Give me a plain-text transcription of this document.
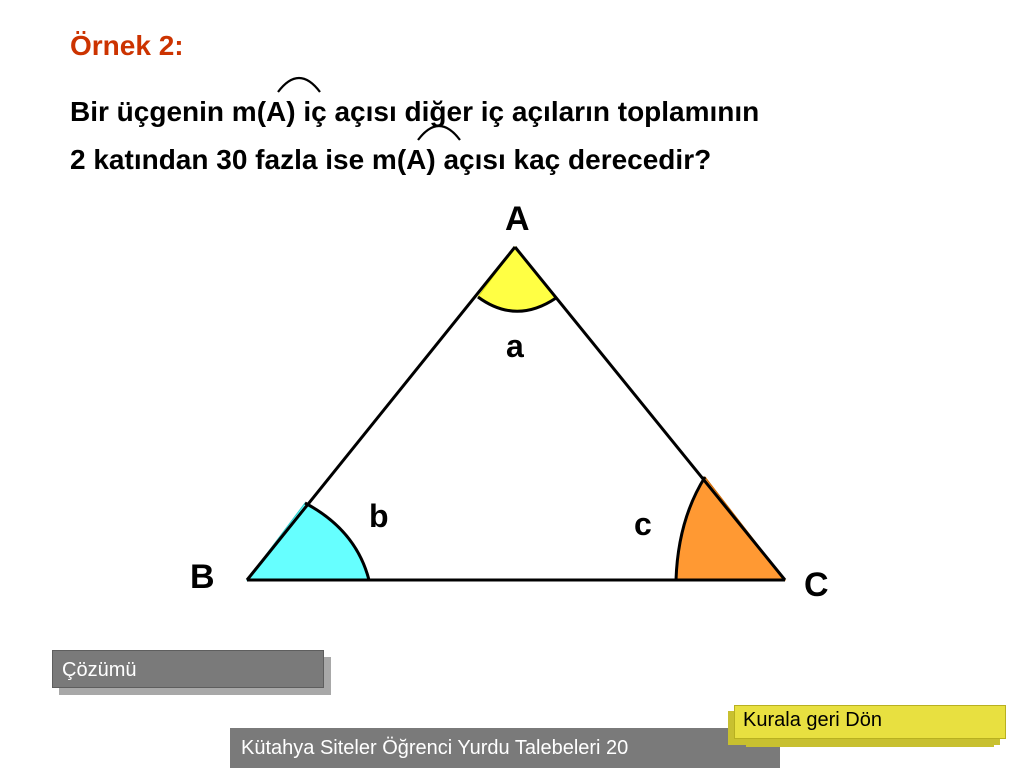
Örnek 2:
Bir üçgenin m
(A) iç açısı diğer iç açıların toplamının
2 katından 30 fazla ise m
(A) açısı kaç derecedir?
A
B	C
a
b	c
Çözümü
Kütahya Siteler Öğrenci Yurdu Talebeleri 20
Kurala geri Dön
